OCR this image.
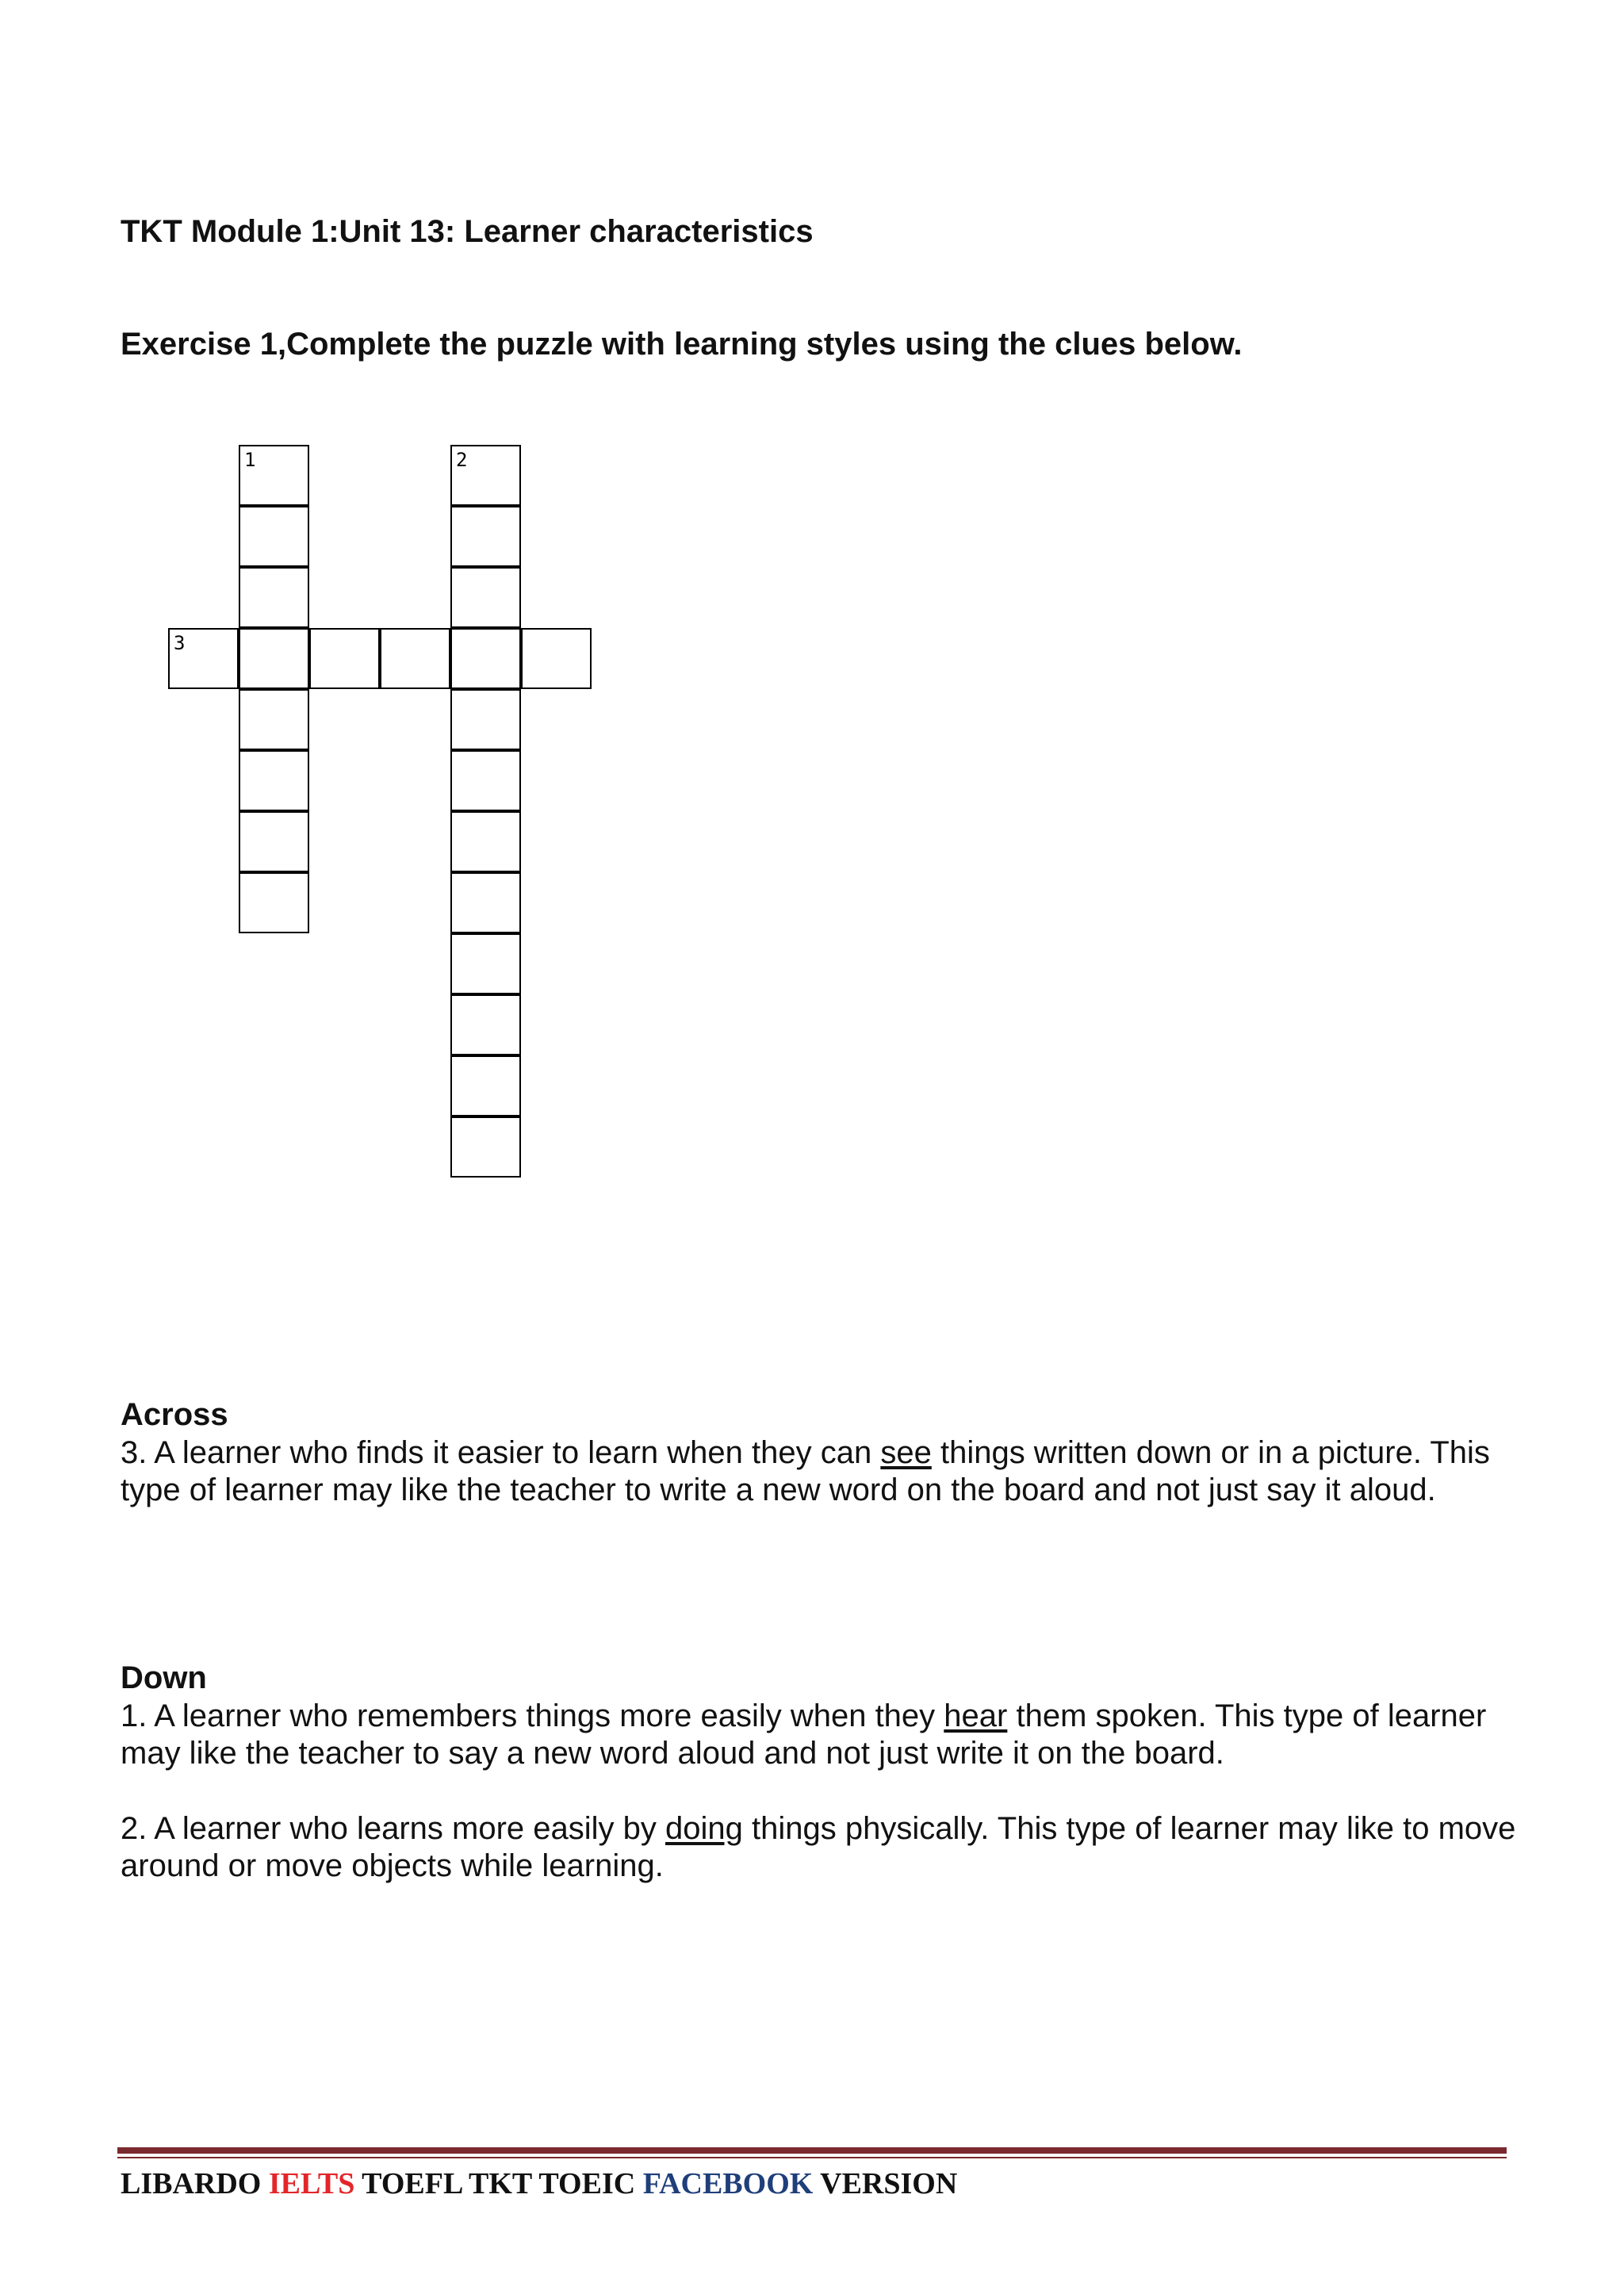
TKT Module 1:Unit 13: Learner characteristics
Exercise 1,Complete the puzzle with learning styles using the clues below.
1	2
3
Across
3. A learner who finds it easier to learn when they can see things written down or in a picture. This type of learner may like the teacher to write a new word on the board and not just say it aloud.
Down
1. A learner who remembers things more easily when they hear them spoken. This type of learner may like the teacher to say a new word aloud and not just write it on the board.
2. A learner who learns more easily by doing things physically. This type of learner may like to move around or move objects while learning.
LIBARDO IELTS TOEFL TKT TOEIC FACEBOOK VERSION
